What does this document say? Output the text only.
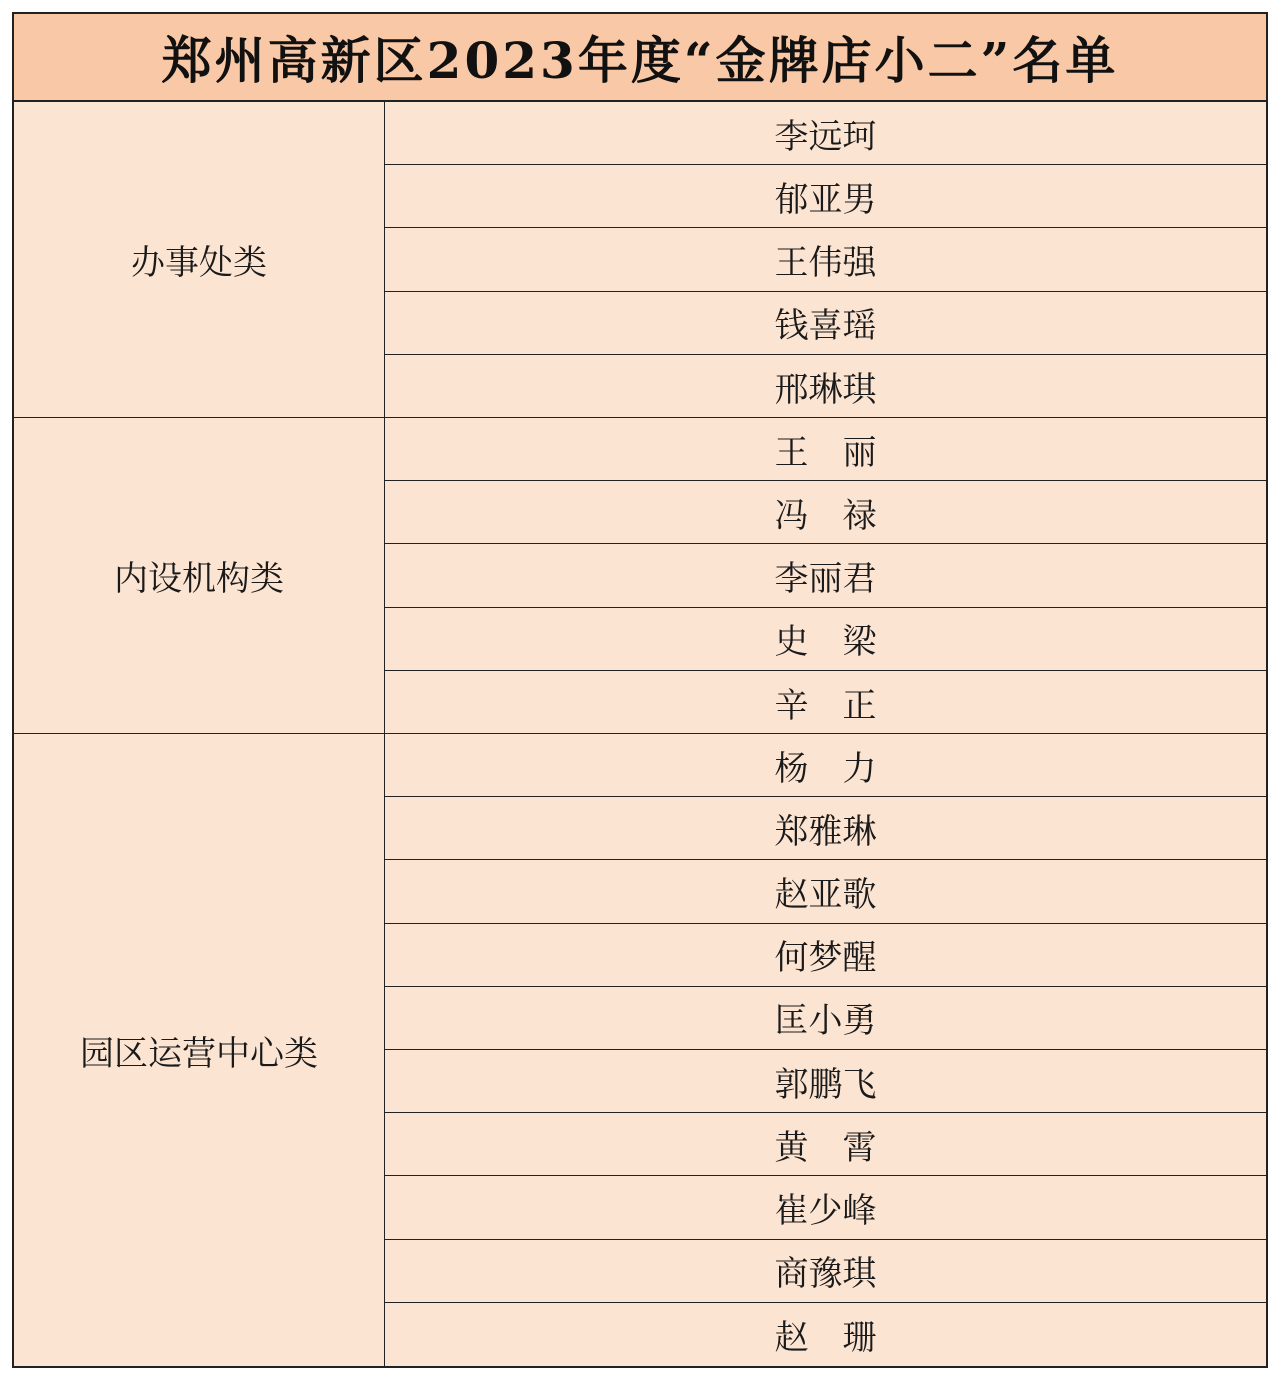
郑州高新区2023年度“金牌店小二”名单
办事处类
李远珂
郁亚男
王伟强
钱喜瑶
邢琳琪
内设机构类
王　丽
冯　禄
李丽君
史　梁
辛　正
园区运营中心类
杨　力
郑雅琳
赵亚歌
何梦醒
匡小勇
郭鹏飞
黄　霄
崔少峰
商豫琪
赵　珊
